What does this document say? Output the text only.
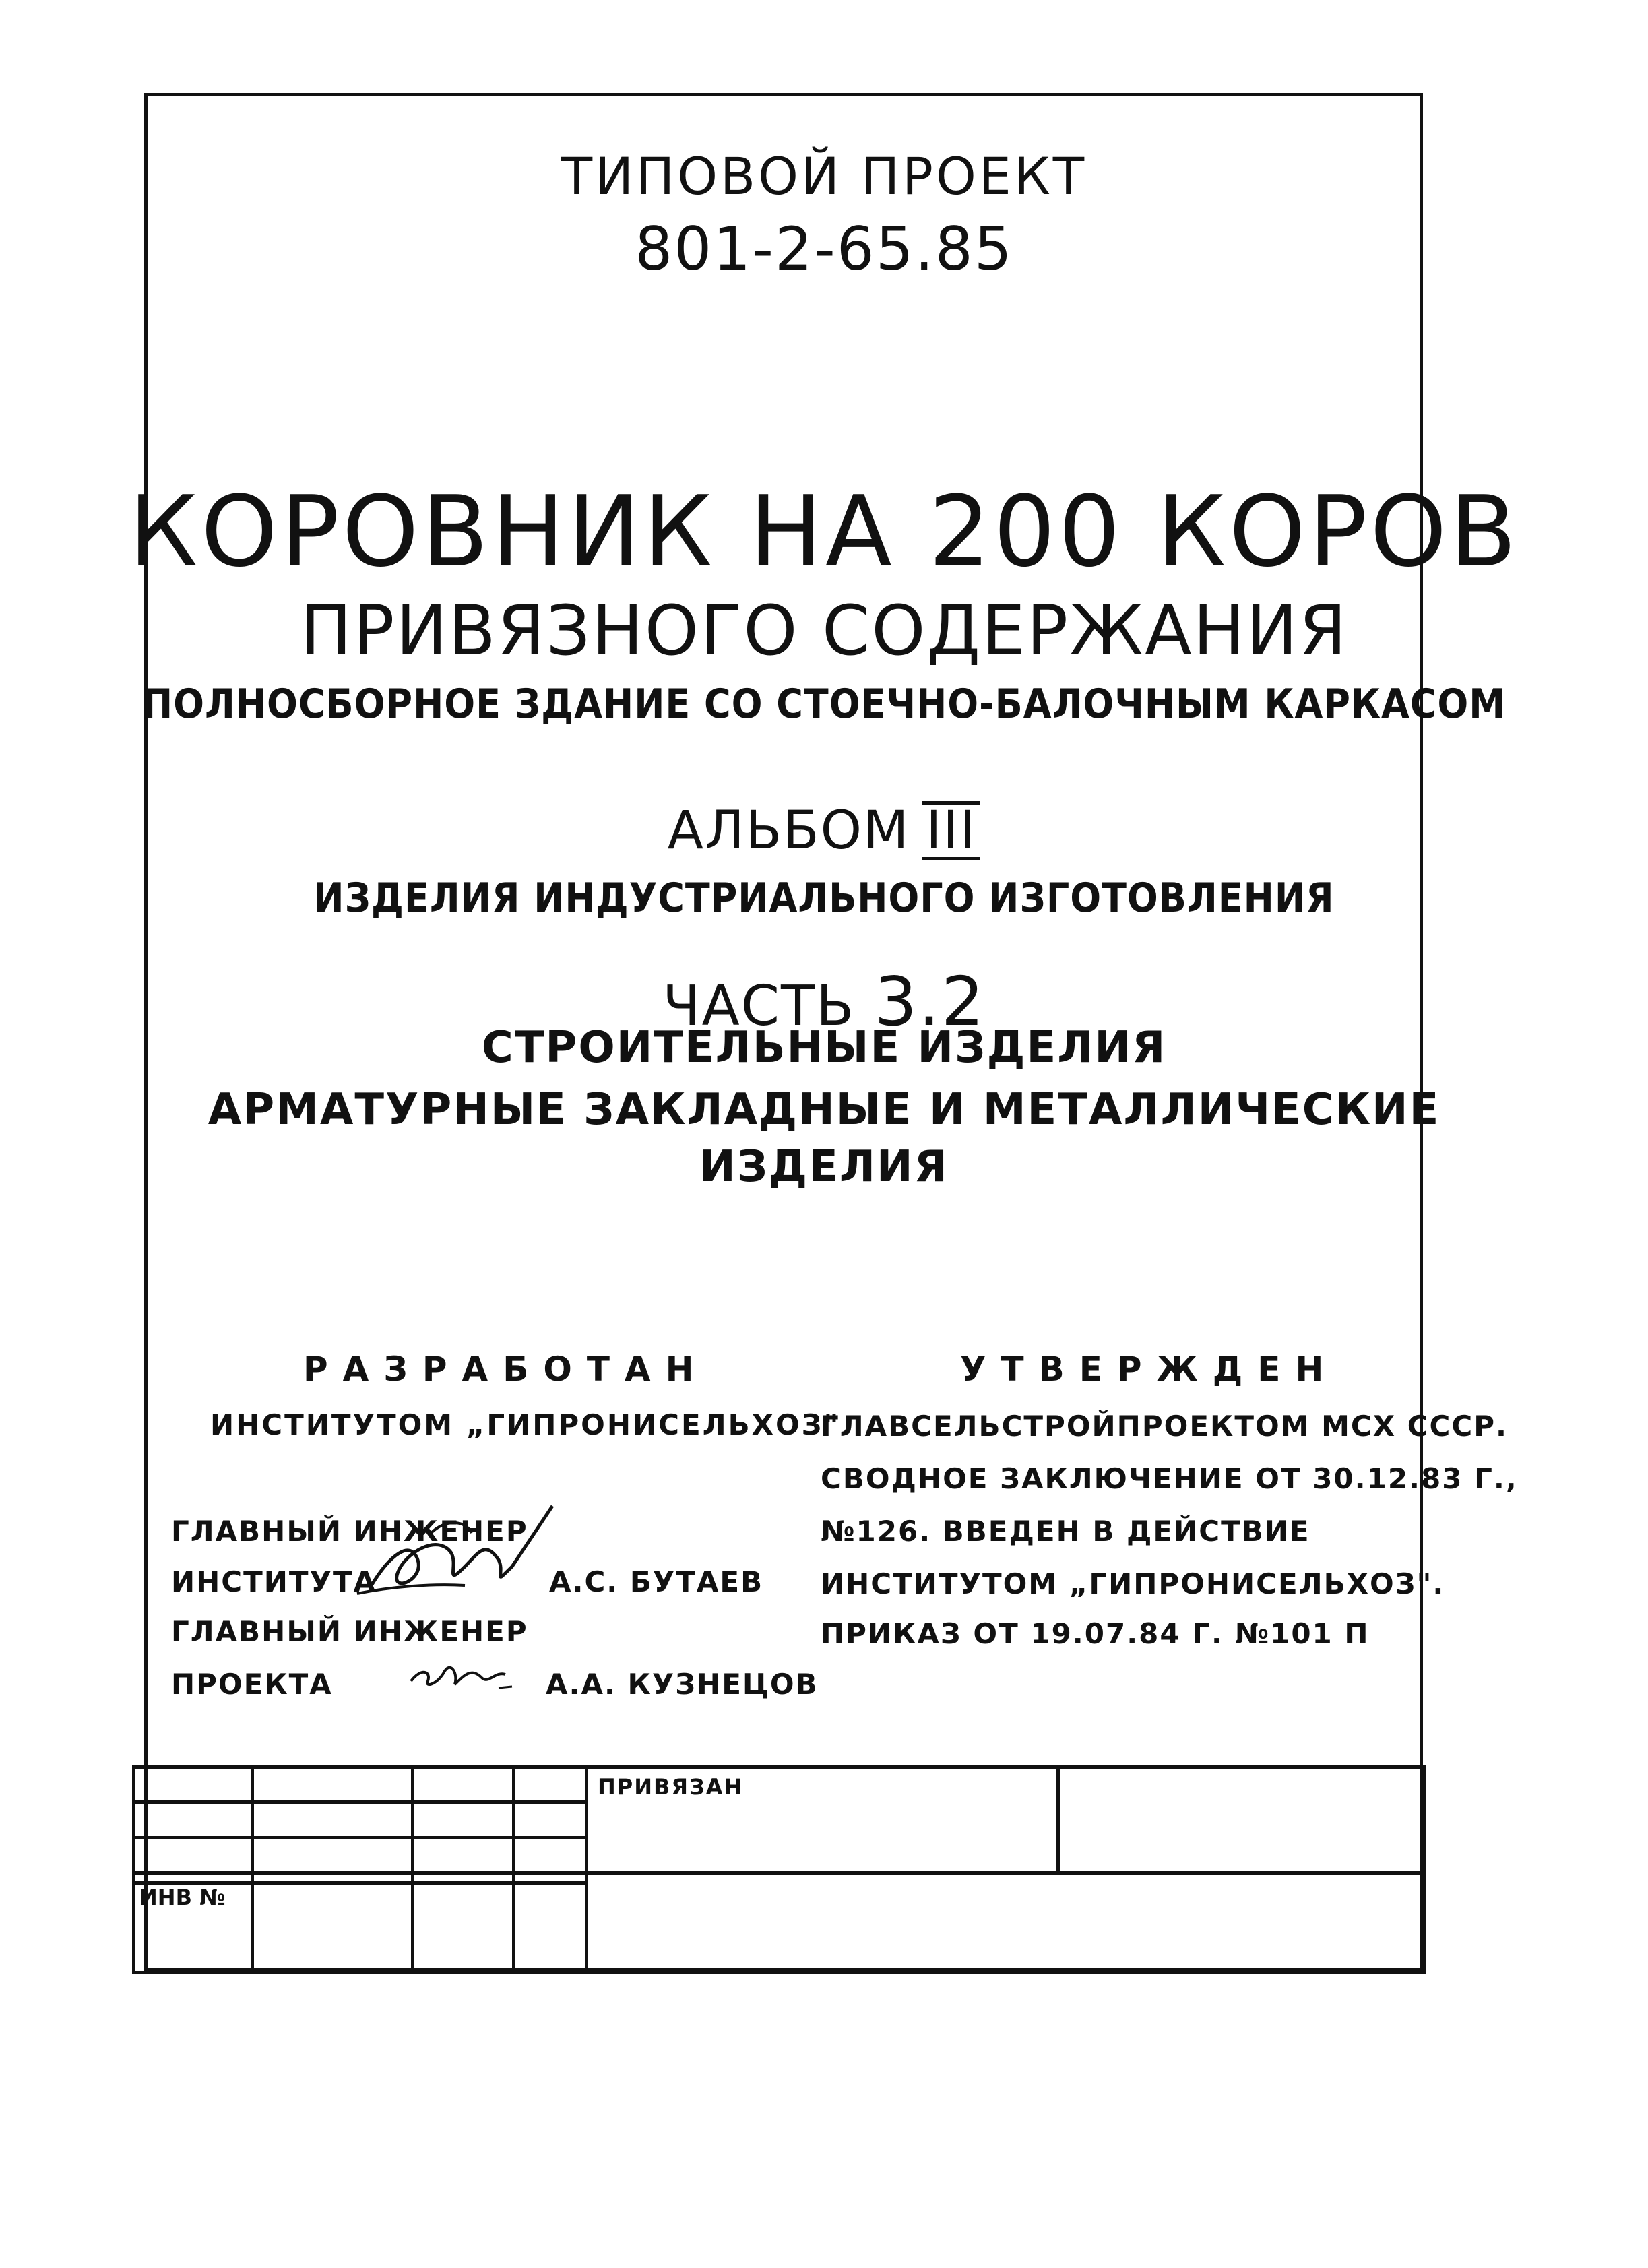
ТИПОВОЙ ПРОЕКТ
801-2-65.85
КОРОВНИК НА 200 КОРОВ
ПРИВЯЗНОГО СОДЕРЖАНИЯ
ПОЛНОСБОРНОЕ ЗДАНИЕ СО СТОЕЧНО-БАЛОЧНЫМ КАРКАСОМ
АЛЬБОМ III
ИЗДЕЛИЯ ИНДУСТРИАЛЬНОГО ИЗГОТОВЛЕНИЯ
ЧАСТЬ 3.2
СТРОИТЕЛЬНЫЕ ИЗДЕЛИЯ
АРМАТУРНЫЕ ЗАКЛАДНЫЕ И МЕТАЛЛИЧЕСКИЕ
ИЗДЕЛИЯ
РАЗРАБОТАН
ИНСТИТУТОМ „ГИПРОНИСЕЛЬХОЗ"
ГЛАВНЫЙ ИНЖЕНЕР
ИНСТИТУТА	А.С. БУТАЕВ
ГЛАВНЫЙ ИНЖЕНЕР
ПРОЕКТА	А.А. КУЗНЕЦОВ
УТВЕРЖДЕН
ГЛАВСЕЛЬСТРОЙПРОЕКТОМ МСХ СССР.
СВОДНОЕ ЗАКЛЮЧЕНИЕ ОТ 30.12.83 Г.,
№126. ВВЕДЕН В ДЕЙСТВИЕ
ИНСТИТУТОМ „ГИПРОНИСЕЛЬХОЗ".
ПРИКАЗ ОТ 19.07.84 Г. №101 П
				ПРИВЯЗАН	

ИНВ №					
